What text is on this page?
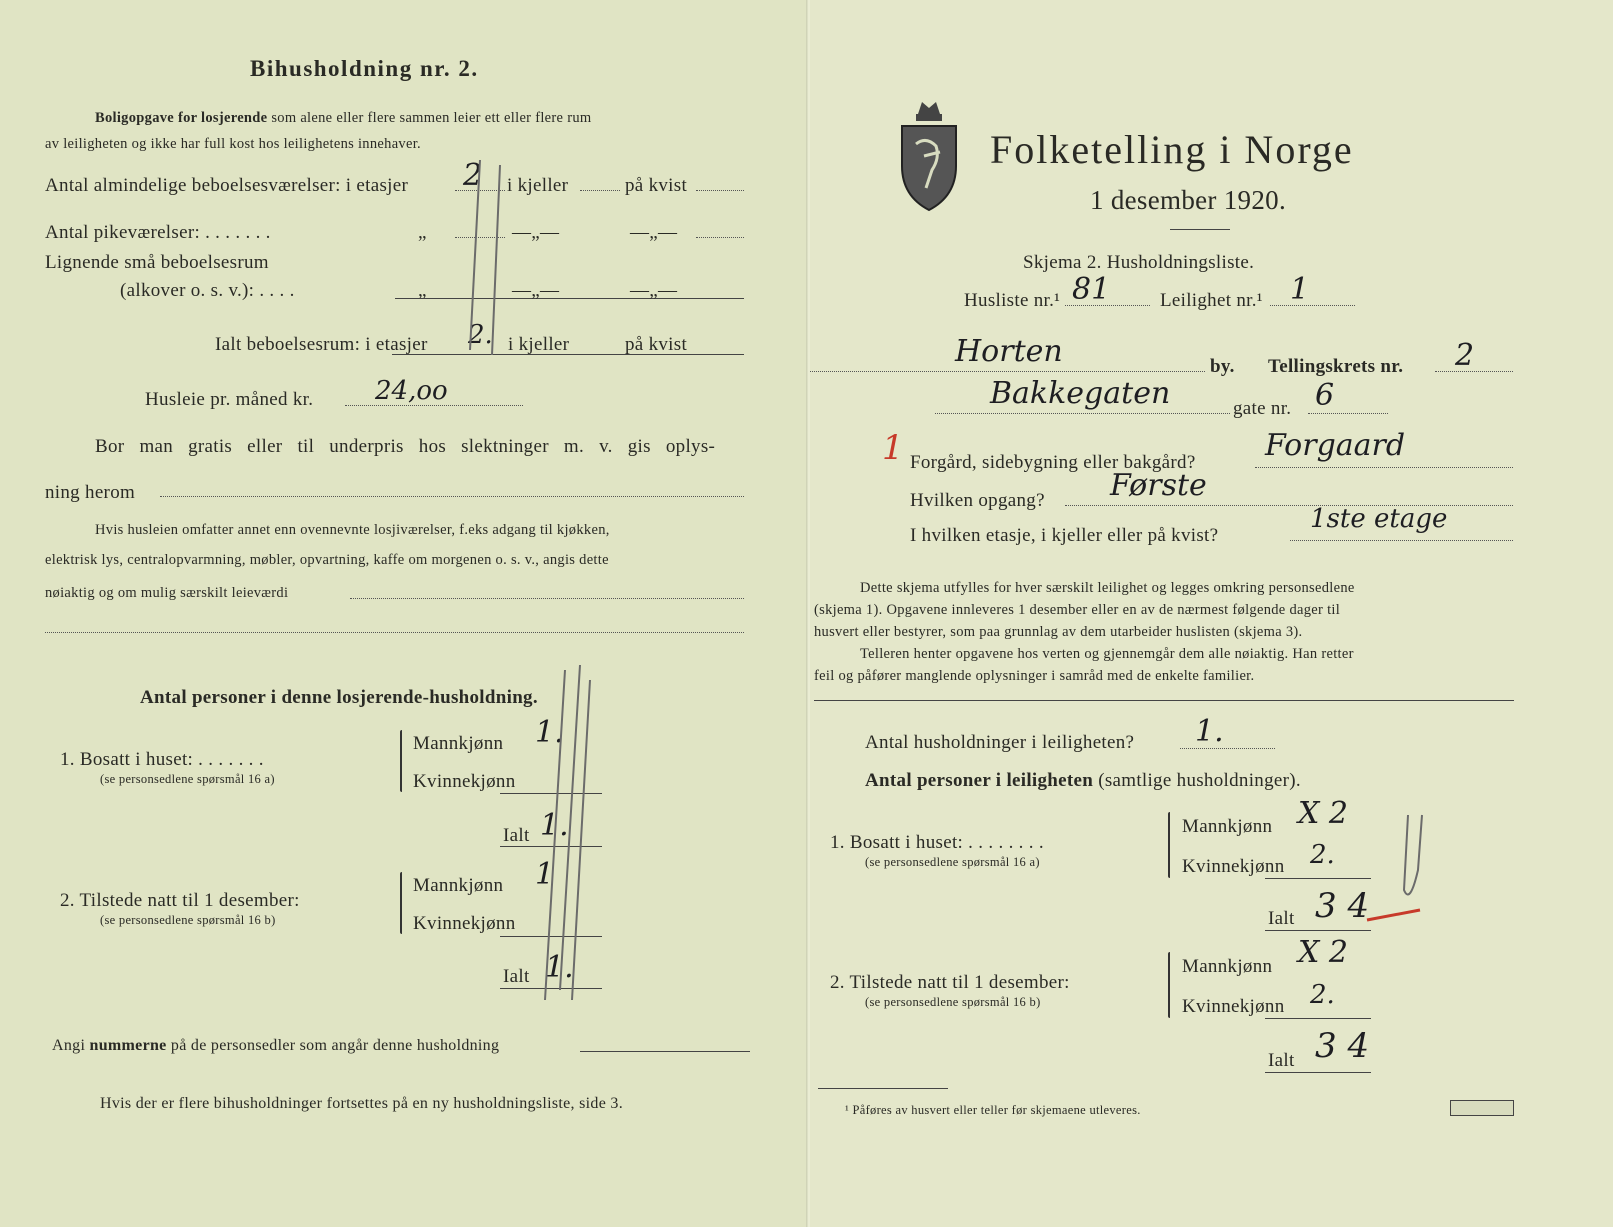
Bihusholdning nr. 2.
Boligopgave for losjerende som alene eller flere sammen leier ett eller flere rum
av leiligheten og ikke har full kost hos leilighetens innehaver.
Antal almindelige beboelsesværelser: i etasjer 2 i kjeller	på kvist
Antal pikeværelser: . . . . . . .	„	—„—	—„—
Lignende små beboelsesrum
(alkover o. s. v.): . . . .	„	—„—	—„—
Ialt beboelsesrum: i etasjer 2. i kjeller	på kvist
Husleie pr. måned kr. 24,oo
Bor man gratis eller til underpris hos slektninger m. v. gis oplys-
ning herom
Hvis husleien omfatter annet enn ovennevnte losjiværelser, f.eks adgang til kjøkken,
elektrisk lys, centralopvarmning, møbler, opvartning, kaffe om morgenen o. s. v., angis dette
nøiaktig og om mulig særskilt leieværdi
Antal personer i denne losjerende-husholdning.
1. Bosatt i huset: . . . . . . .
(se personsedlene spørsmål 16 a)
Mannkjønn 1.
Kvinnekjønn
Ialt 1.
2. Tilstede natt til 1 desember:
(se personsedlene spørsmål 16 b)
Mannkjønn 1
Kvinnekjønn
Ialt 1.
Angi nummerne på de personsedler som angår denne husholdning
Hvis der er flere bihusholdninger fortsettes på en ny husholdningsliste, side 3.
Folketelling i Norge
1 desember 1920.
Skjema 2. Husholdningsliste.
Husliste nr.¹ 81	Leilighet nr.¹ 1
Horten	by. Tellingskrets nr. 2
Bakkegaten	gate nr. 6
1 Forgård, sidebygning eller bakgård? Forgaard
Hvilken opgang? Første
I hvilken etasje, i kjeller eller på kvist?
1ste etage
Dette skjema utfylles for hver særskilt leilighet og legges omkring personsedlene
(skjema 1). Opgavene innleveres 1 desember eller en av de nærmest følgende dager til
husvert eller bestyrer, som paa grunnlag av dem utarbeider huslisten (skjema 3).
Telleren henter opgavene hos verten og gjennemgår dem alle nøiaktig. Han retter
feil og påfører manglende oplysninger i samråd med de enkelte familier.
Antal husholdninger i leiligheten? 1.
Antal personer i leiligheten (samtlige husholdninger).
1. Bosatt i huset: . . . . . . . .
(se personsedlene spørsmål 16 a)
Mannkjønn X 2
Kvinnekjønn 2.
Ialt 3 4
2. Tilstede natt til 1 desember:
(se personsedlene spørsmål 16 b)
Mannkjønn X 2
Kvinnekjønn 2.
Ialt 3 4
¹ Påføres av husvert eller teller før skjemaene utleveres.
